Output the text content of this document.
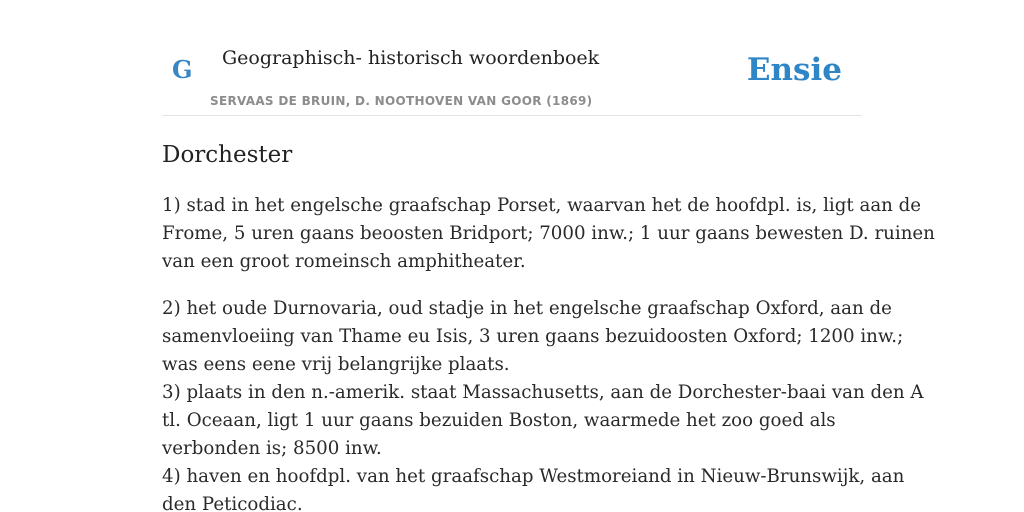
G	Geographisch- historisch woordenboek
SERVAAS DE BRUIN, D. NOOTHOVEN VAN GOOR (1869)
Ensie
Dorchester

1) stad in het engelsche graafschap Porset, waarvan het de hoofdpl. is, ligt aan de
Frome, 5 uren gaans beoosten Bridport; 7000 inw.; 1 uur gaans bewesten D. ruinen
van een groot romeinsch amphitheater.

2) het oude Durnovaria, oud stadje in het engelsche graafschap Oxford, aan de
samenvloeiing van Thame eu Isis, 3 uren gaans bezuidoosten Oxford; 1200 inw.;
was eens eene vrij belangrijke plaats.
3) plaats in den n.-amerik. staat Massachusetts, aan de Dorchester-baai van den A
tl. Oceaan, ligt 1 uur gaans bezuiden Boston, waarmede het zoo goed als
verbonden is; 8500 inw.
4) haven en hoofdpl. van het graafschap Westmoreiand in Nieuw-Brunswijk, aan
den Peticodiac.
